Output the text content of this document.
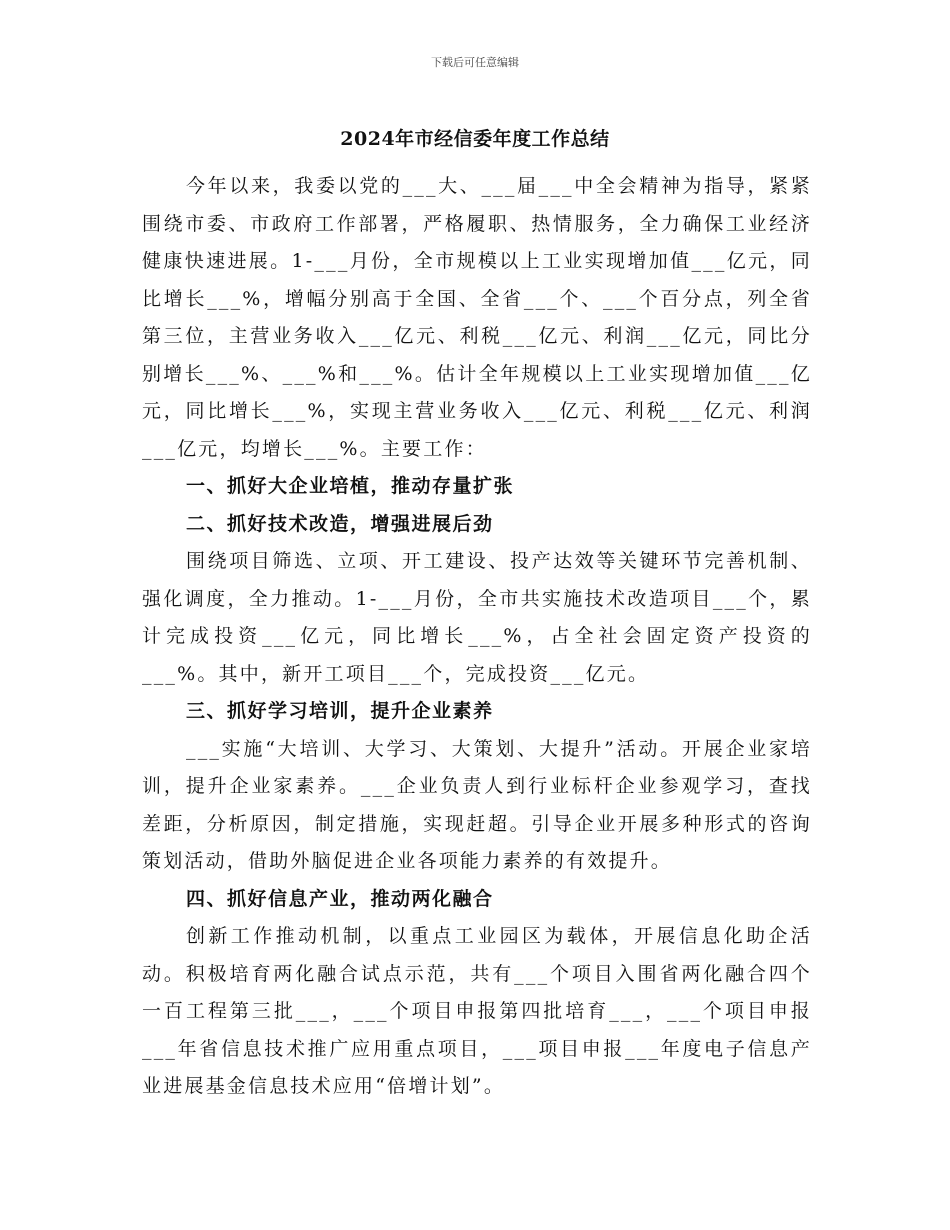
下载后可任意编辑
2024年市经信委年度工作总结

今年以来，我委以党的___大、___届___中全会精神为指导，紧紧围绕市委、市政府工作部署，严格履职、热情服务，全力确保工业经济健康快速进展。1-___月份，全市规模以上工业实现增加值___亿元，同比增长___%，增幅分别高于全国、全省___个、___个百分点，列全省第三位，主营业务收入___亿元、利税___亿元、利润___亿元，同比分别增长___%、___%和___%。估计全年规模以上工业实现增加值___亿元，同比增长___%，实现主营业务收入___亿元、利税___亿元、利润___亿元，均增长___%。主要工作：

一、抓好大企业培植，推动存量扩张
二、抓好技术改造，增强进展后劲

围绕项目筛选、立项、开工建设、投产达效等关键环节完善机制、强化调度，全力推动。1-___月份，全市共实施技术改造项目___个，累计完成投资___亿元，同比增长___%，占全社会固定资产投资的___%。其中，新开工项目___个，完成投资___亿元。

三、抓好学习培训，提升企业素养

___实施“大培训、大学习、大策划、大提升”活动。开展企业家培训，提升企业家素养。___企业负责人到行业标杆企业参观学习，查找差距，分析原因，制定措施，实现赶超。引导企业开展多种形式的咨询策划活动，借助外脑促进企业各项能力素养的有效提升。

四、抓好信息产业，推动两化融合

创新工作推动机制，以重点工业园区为载体，开展信息化助企活动。积极培育两化融合试点示范，共有___个项目入围省两化融合四个一百工程第三批___，___个项目申报第四批培育___，___个项目申报___年省信息技术推广应用重点项目，___项目申报___年度电子信息产业进展基金信息技术应用“倍增计划”。
